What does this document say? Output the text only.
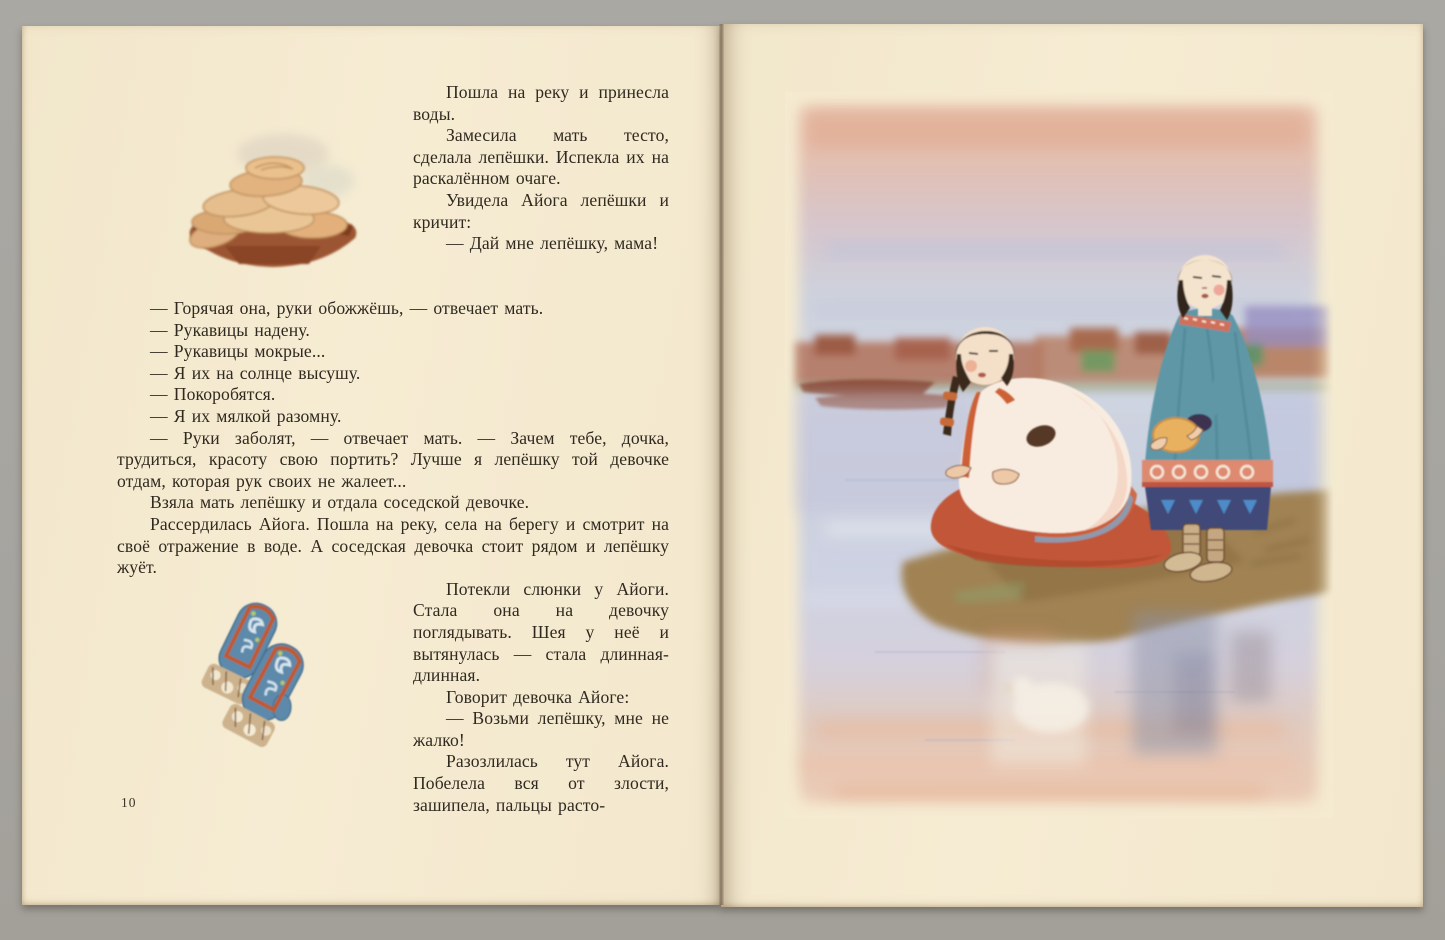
Пошла на реку и принесла воды.

Замесила мать тесто, сделала лепёшки. Испекла их на раскалённом очаге.

Увидела Айога лепёшки и кричит:

— Дай мне лепёшку, мама!

— Горячая она, руки обожжёшь, — отвечает мать.

— Рукавицы надену.

— Рукавицы мокрые...

— Я их на солнце высушу.

— Покоробятся.

— Я их мялкой разомну.

— Руки заболят, — отвечает мать. — Зачем тебе, дочка, трудиться, красоту свою портить? Лучше я лепёшку той девочке отдам, которая рук своих не жалеет...

Взяла мать лепёшку и отдала соседской девочке.

Рассердилась Айога. Пошла на реку, села на берегу и смотрит на своё отражение в воде. А соседская девочка стоит рядом и лепёшку жуёт.

Потекли слюнки у Айоги. Стала она на девочку поглядывать. Шея у неё и вытянулась — стала длинная-длинная.

Говорит девочка Айоге:

— Возьми лепёшку, мне не жалко!

Разозлилась тут Айога. Побелела вся от злости, зашипела, пальцы расто-

10
